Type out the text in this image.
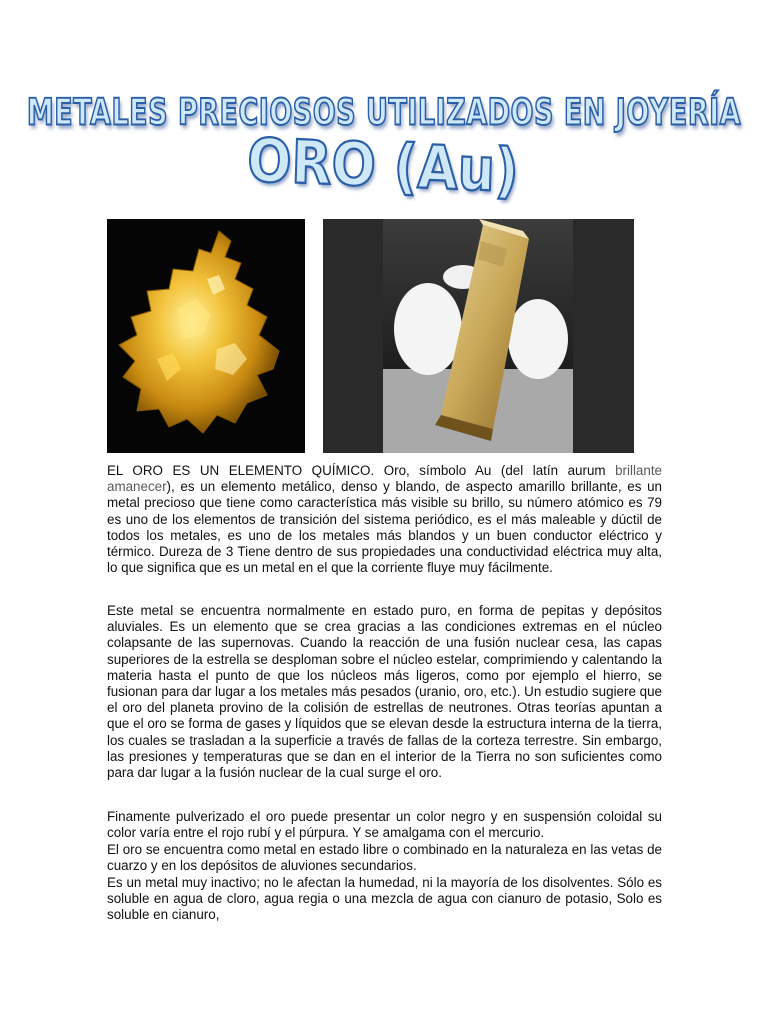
METALES PRECIOSOS UTILIZADOS EN JOYERÍA
ORO (Au)

EL ORO ES UN ELEMENTO QUÍMICO. Oro, símbolo Au (del latín aurum brillante amanecer), es un elemento metálico, denso y blando, de aspecto amarillo brillante, es un metal precioso que tiene como característica más visible su brillo, su número atómico es 79 es uno de los elementos de transición del sistema periódico, es el más maleable y dúctil de todos los metales, es uno de los metales más blandos y un buen conductor eléctrico y térmico. Dureza de 3 Tiene dentro de sus propiedades una conductividad eléctrica muy alta, lo que significa que es un metal en el que la corriente fluye muy fácilmente.

Este metal se encuentra normalmente en estado puro, en forma de pepitas y depósitos aluviales. Es un elemento que se crea gracias a las condiciones extremas en el núcleo colapsante de las supernovas. Cuando la reacción de una fusión nuclear cesa, las capas superiores de la estrella se desploman sobre el núcleo estelar, comprimiendo y calentando la materia hasta el punto de que los núcleos más ligeros, como por ejemplo el hierro, se fusionan para dar lugar a los metales más pesados (uranio, oro, etc.). Un estudio sugiere que el oro del planeta provino de la colisión de estrellas de neutrones. Otras teorías apuntan a que el oro se forma de gases y líquidos que se elevan desde la estructura interna de la tierra, los cuales se trasladan a la superficie a través de fallas de la corteza terrestre. Sin embargo, las presiones y temperaturas que se dan en el interior de la Tierra no son suficientes como para dar lugar a la fusión nuclear de la cual surge el oro.

Finamente pulverizado el oro puede presentar un color negro y en suspensión coloidal su color varía entre el rojo rubí y el púrpura. Y se amalgama con el mercurio.

El oro se encuentra como metal en estado libre o combinado en la naturaleza en las vetas de cuarzo y en los depósitos de aluviones secundarios.

Es un metal muy inactivo; no le afectan la humedad, ni la mayoría de los disolventes. Sólo es soluble en agua de cloro, agua regia o una mezcla de agua con cianuro de potasio, Solo es soluble en cianuro,
